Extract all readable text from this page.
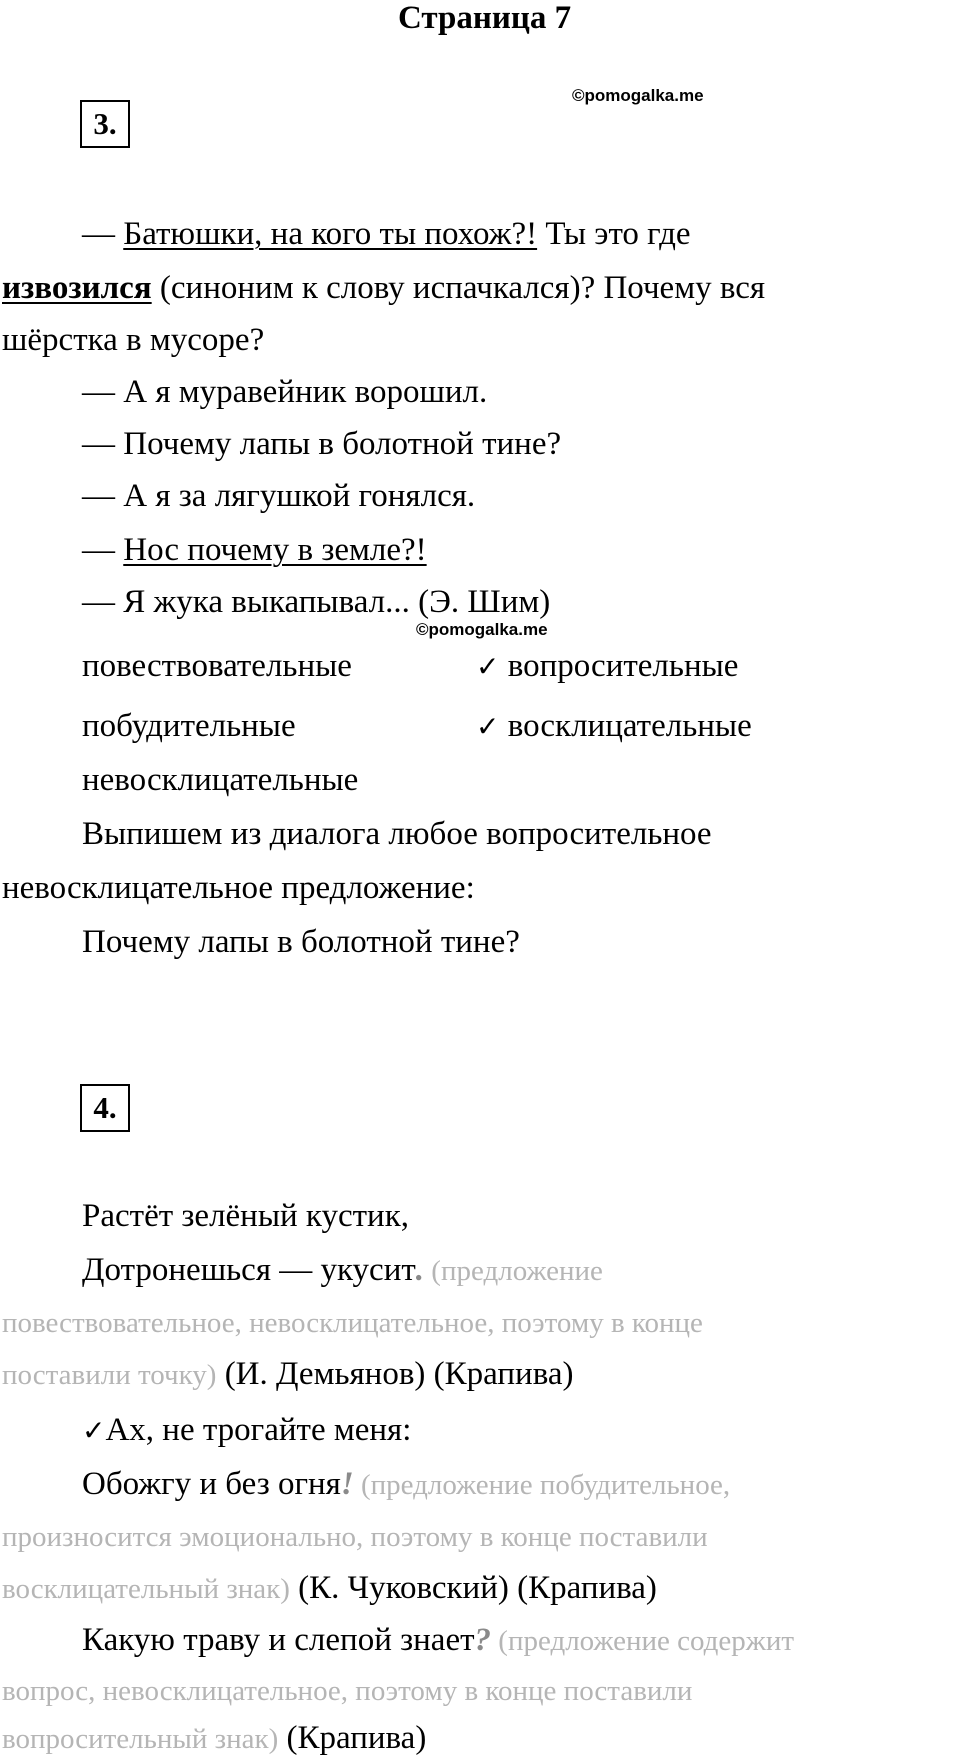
Страница 7
©pomogalka.me
3.
— Батюшки, на кого ты похож?! Ты это где
извозился (синоним к слову испачкался)? Почему вся
шёрстка в мусоре?
— А я муравейник ворошил.
— Почему лапы в болотной тине?
— А я за лягушкой гонялся.
— Нос почему в земле?!
— Я жука выкапывал... (Э. Шим)
©pomogalka.me
повествовательные
побудительные
невосклицательные
✓ вопросительные
✓ восклицательные
Выпишем из диалога любое вопросительное
невосклицательное предложение:
Почему лапы в болотной тине?
4.
Растёт зелёный кустик,
Дотронешься — укусит. (предложение
повествовательное, невосклицательное, поэтому в конце
поставили точку) (И. Демьянов) (Крапива)
✓Ах, не трогайте меня:
Обожгу и без огня! (предложение побудительное,
произносится эмоционально, поэтому в конце поставили
восклицательный знак) (К. Чуковский) (Крапива)
Какую траву и слепой знает? (предложение содержит
вопрос, невосклицательное, поэтому в конце поставили
вопросительный знак) (Крапива)
